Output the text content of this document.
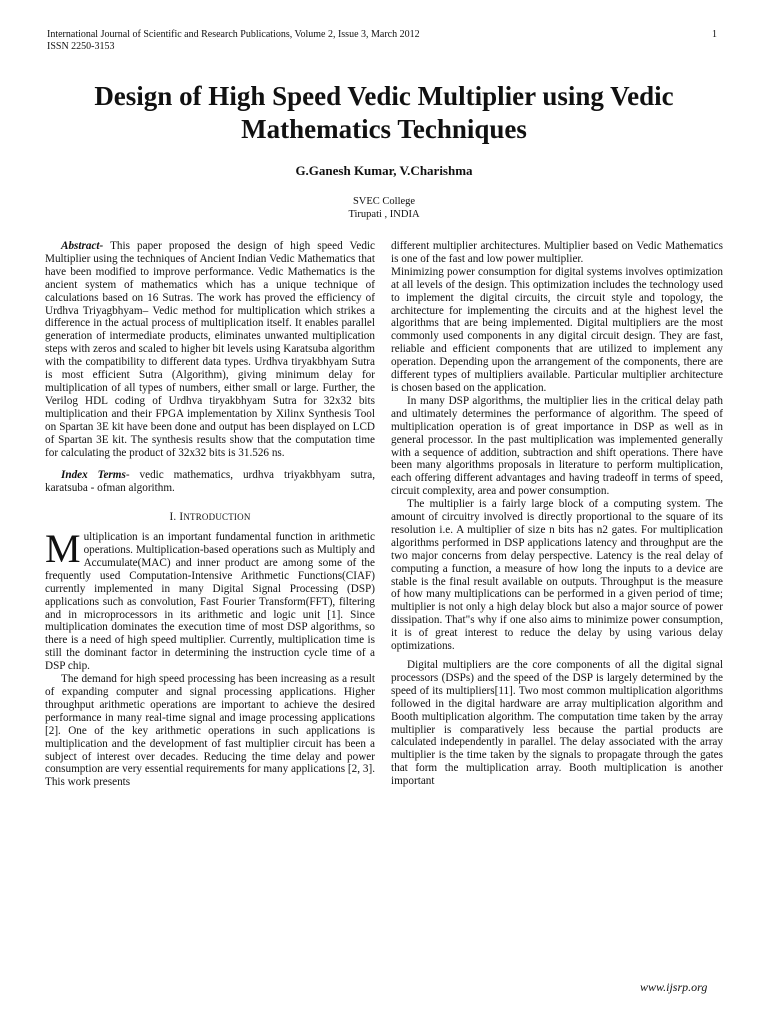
International Journal of Scientific and Research Publications, Volume 2, Issue 3, March 2012
ISSN 2250-3153
1
Design of High Speed Vedic Multiplier using Vedic Mathematics Techniques
G.Ganesh Kumar, V.Charishma
SVEC College
Tirupati , INDIA

Abstract- This paper proposed the design of high speed Vedic Multiplier using the techniques of Ancient Indian Vedic Mathematics that have been modified to improve performance. Vedic Mathematics is the ancient system of mathematics which has a unique technique of calculations based on 16 Sutras. The work has proved the efficiency of Urdhva Triyagbhyam– Vedic method for multiplication which strikes a difference in the actual process of multiplication itself. It enables parallel generation of intermediate products, eliminates unwanted multiplication steps with zeros and scaled to higher bit levels using Karatsuba algorithm with the compatibility to different data types. Urdhva tiryakbhyam Sutra is most efficient Sutra (Algorithm), giving minimum delay for multiplication of all types of numbers, either small or large. Further, the Verilog HDL coding of Urdhva tiryakbhyam Sutra for 32x32 bits multiplication and their FPGA implementation by Xilinx Synthesis Tool on Spartan 3E kit have been done and output has been displayed on LCD of Spartan 3E kit. The synthesis results show that the computation time for calculating the product of 32x32 bits is 31.526 ns.

Index Terms- vedic mathematics, urdhva triyakbhyam sutra, karatsuba - ofman algorithm.

I. INTRODUCTION

Multiplication is an important fundamental function in arithmetic operations. Multiplication-based operations such as Multiply and Accumulate(MAC) and inner product are among some of the frequently used Computation-Intensive Arithmetic Functions(CIAF) currently implemented in many Digital Signal Processing (DSP) applications such as convolution, Fast Fourier Transform(FFT), filtering and in microprocessors in its arithmetic and logic unit [1]. Since multiplication dominates the execution time of most DSP algorithms, so there is a need of high speed multiplier. Currently, multiplication time is still the dominant factor in determining the instruction cycle time of a DSP chip.

The demand for high speed processing has been increasing as a result of expanding computer and signal processing applications. Higher throughput arithmetic operations are important to achieve the desired performance in many real-time signal and image processing applications [2]. One of the key arithmetic operations in such applications is multiplication and the development of fast multiplier circuit has been a subject of interest over decades. Reducing the time delay and power consumption are very essential requirements for many applications [2, 3]. This work presents

different multiplier architectures. Multiplier based on Vedic Mathematics is one of the fast and low power multiplier.

Minimizing power consumption for digital systems involves optimization at all levels of the design. This optimization includes the technology used to implement the digital circuits, the circuit style and topology, the architecture for implementing the circuits and at the highest level the algorithms that are being implemented. Digital multipliers are the most commonly used components in any digital circuit design. They are fast, reliable and efficient components that are utilized to implement any operation. Depending upon the arrangement of the components, there are different types of multipliers available. Particular multiplier architecture is chosen based on the application.

In many DSP algorithms, the multiplier lies in the critical delay path and ultimately determines the performance of algorithm. The speed of multiplication operation is of great importance in DSP as well as in general processor. In the past multiplication was implemented generally with a sequence of addition, subtraction and shift operations. There have been many algorithms proposals in literature to perform multiplication, each offering different advantages and having tradeoff in terms of speed, circuit complexity, area and power consumption.

The multiplier is a fairly large block of a computing system. The amount of circuitry involved is directly proportional to the square of its resolution i.e. A multiplier of size n bits has n2 gates. For multiplication algorithms performed in DSP applications latency and throughput are the two major concerns from delay perspective. Latency is the real delay of computing a function, a measure of how long the inputs to a device are stable is the final result available on outputs. Throughput is the measure of how many multiplications can be performed in a given period of time; multiplier is not only a high delay block but also a major source of power dissipation. That"s why if one also aims to minimize power consumption, it is of great interest to reduce the delay by using various delay optimizations.

Digital multipliers are the core components of all the digital signal processors (DSPs) and the speed of the DSP is largely determined by the speed of its multipliers[11]. Two most common multiplication algorithms followed in the digital hardware are array multiplication algorithm and Booth multiplication algorithm. The computation time taken by the array multiplier is comparatively less because the partial products are calculated independently in parallel. The delay associated with the array multiplier is the time taken by the signals to propagate through the gates that form the multiplication array. Booth multiplication is another important

www.ijsrp.org
